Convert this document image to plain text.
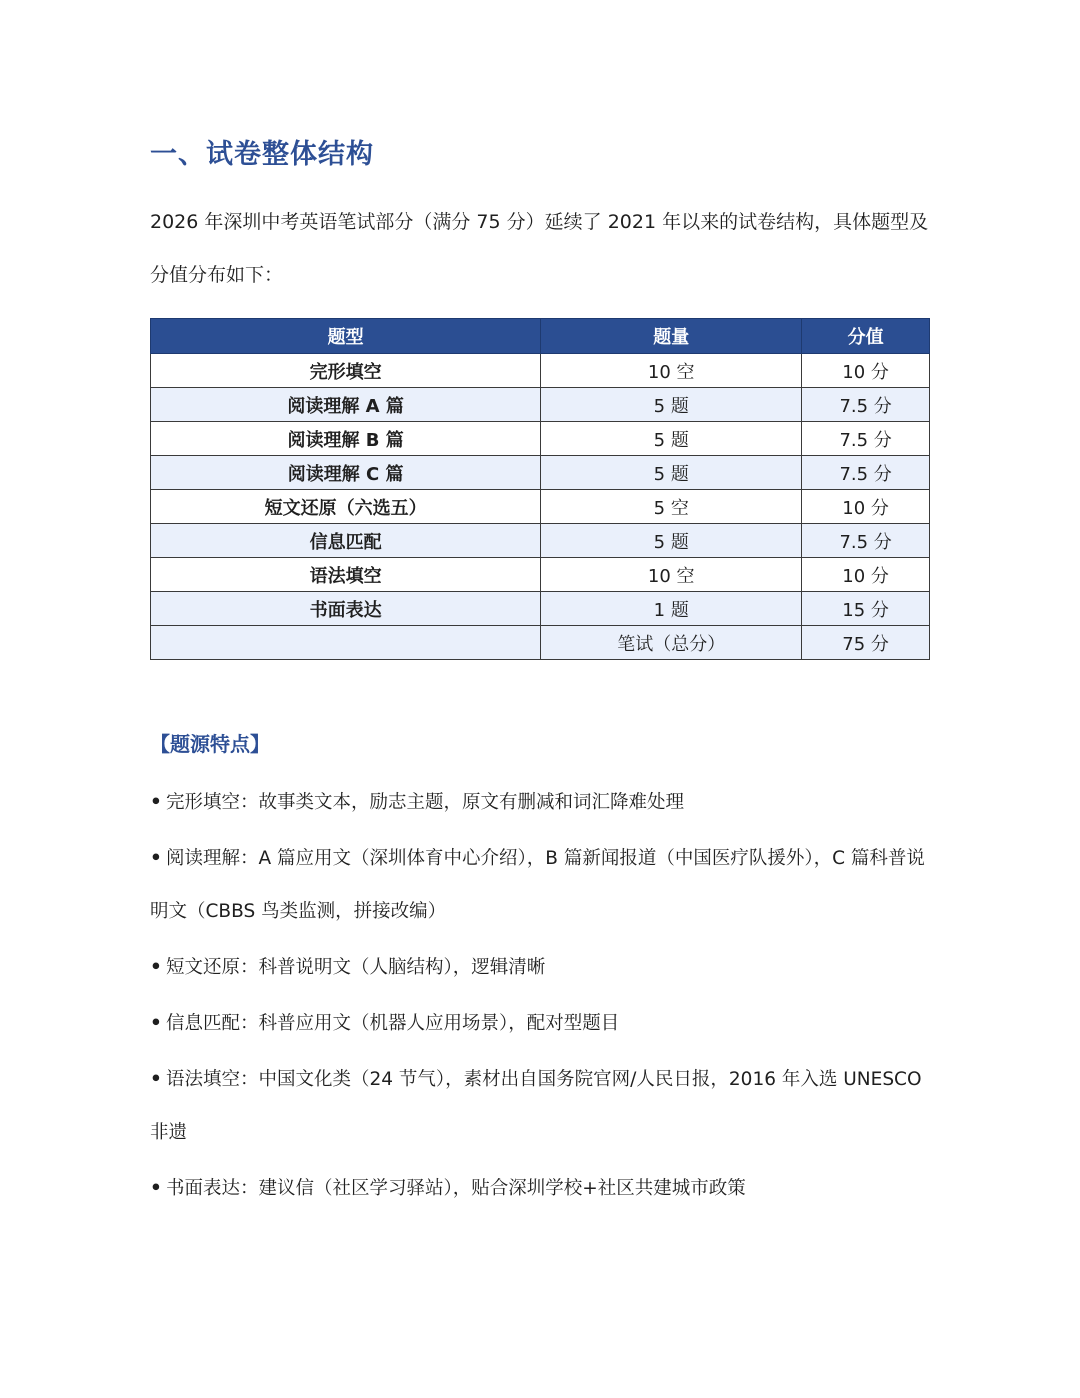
一、试卷整体结构
2026 年深圳中考英语笔试部分（满分 75 分）延续了 2021 年以来的试卷结构，具体题型及分值分布如下：
题型	题量	分值
完形填空	10 空	10 分
阅读理解 A 篇	5 题	7.5 分
阅读理解 B 篇	5 题	7.5 分
阅读理解 C 篇	5 题	7.5 分
短文还原（六选五）	5 空	10 分
信息匹配	5 题	7.5 分
语法填空	10 空	10 分
书面表达	1 题	15 分
	笔试（总分）	75 分
【题源特点】
• 完形填空：故事类文本，励志主题，原文有删减和词汇降难处理
• 阅读理解：A 篇应用文（深圳体育中心介绍），B 篇新闻报道（中国医疗队援外），C 篇科普说明文（CBBS 鸟类监测，拼接改编）
• 短文还原：科普说明文（人脑结构），逻辑清晰
• 信息匹配：科普应用文（机器人应用场景），配对型题目
• 语法填空：中国文化类（24 节气），素材出自国务院官网/人民日报，2016 年入选 UNESCO 非遗
• 书面表达：建议信（社区学习驿站），贴合深圳学校+社区共建城市政策
